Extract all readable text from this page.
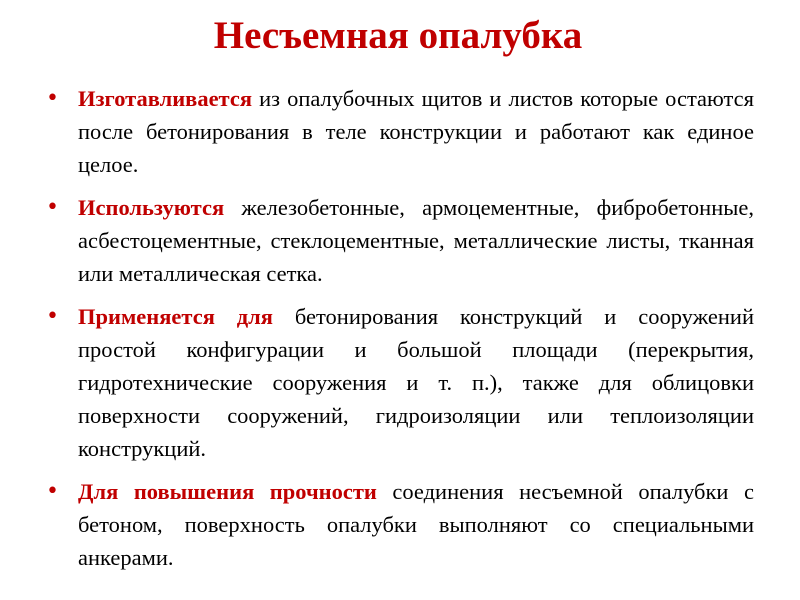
Несъемная опалубка
• Изготавливается из опалубочных щитов и листов которые остаются после бетонирования в теле конструкции и работают как единое целое.
• Используются железобетонные, армоцементные, фибробетонные, асбестоцементные, стеклоцементные, металлические листы, тканная или металлическая сетка.
• Применяется для бетонирования конструкций и сооружений простой конфигурации и большой площади (перекрытия, гидротехнические сооружения и т. п.), также для облицовки поверхности сооружений, гидроизоляции или теплоизоляции конструкций.
• Для повышения прочности соединения несъемной опалубки с бетоном, поверхность опалубки выполняют со специальными анкерами.
